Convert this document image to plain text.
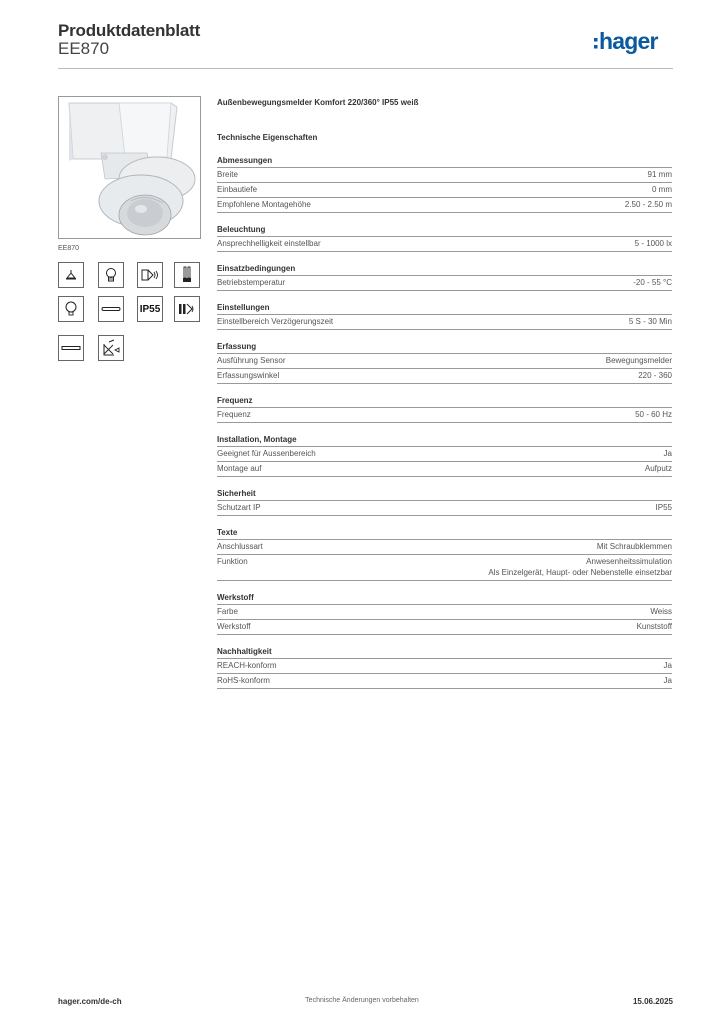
Produktdatenblatt
EE870	hager
EE870
IP55
Außenbewegungsmelder Komfort 220/360° IP55 weiß
Technische Eigenschaften
Abmessungen
Breite	91 mm
Einbautiefe	0 mm
Empfohlene Montagehöhe	2.50 - 2.50 m
Beleuchtung
Ansprechhelligkeit einstellbar	5 - 1000 lx
Einsatzbedingungen
Betriebstemperatur	-20 - 55 °C
Einstellungen
Einstellbereich Verzögerungszeit	5 S - 30 Min
Erfassung
Ausführung Sensor	Bewegungsmelder
Erfassungswinkel	220 - 360
Frequenz
Frequenz	50 - 60 Hz
Installation, Montage
Geeignet für Aussenbereich	Ja
Montage auf	Aufputz
Sicherheit
Schutzart IP	IP55
Texte
Anschlussart	Mit Schraubklemmen
Funktion	Anwesenheitssimulation
Als Einzelgerät, Haupt- oder Nebenstelle einsetzbar
Werkstoff
Farbe	Weiss
Werkstoff	Kunststoff
Nachhaltigkeit
REACH-konform	Ja
RoHS-konform	Ja
hager.com/de-ch	Technische Änderungen vorbehalten	15.06.2025
